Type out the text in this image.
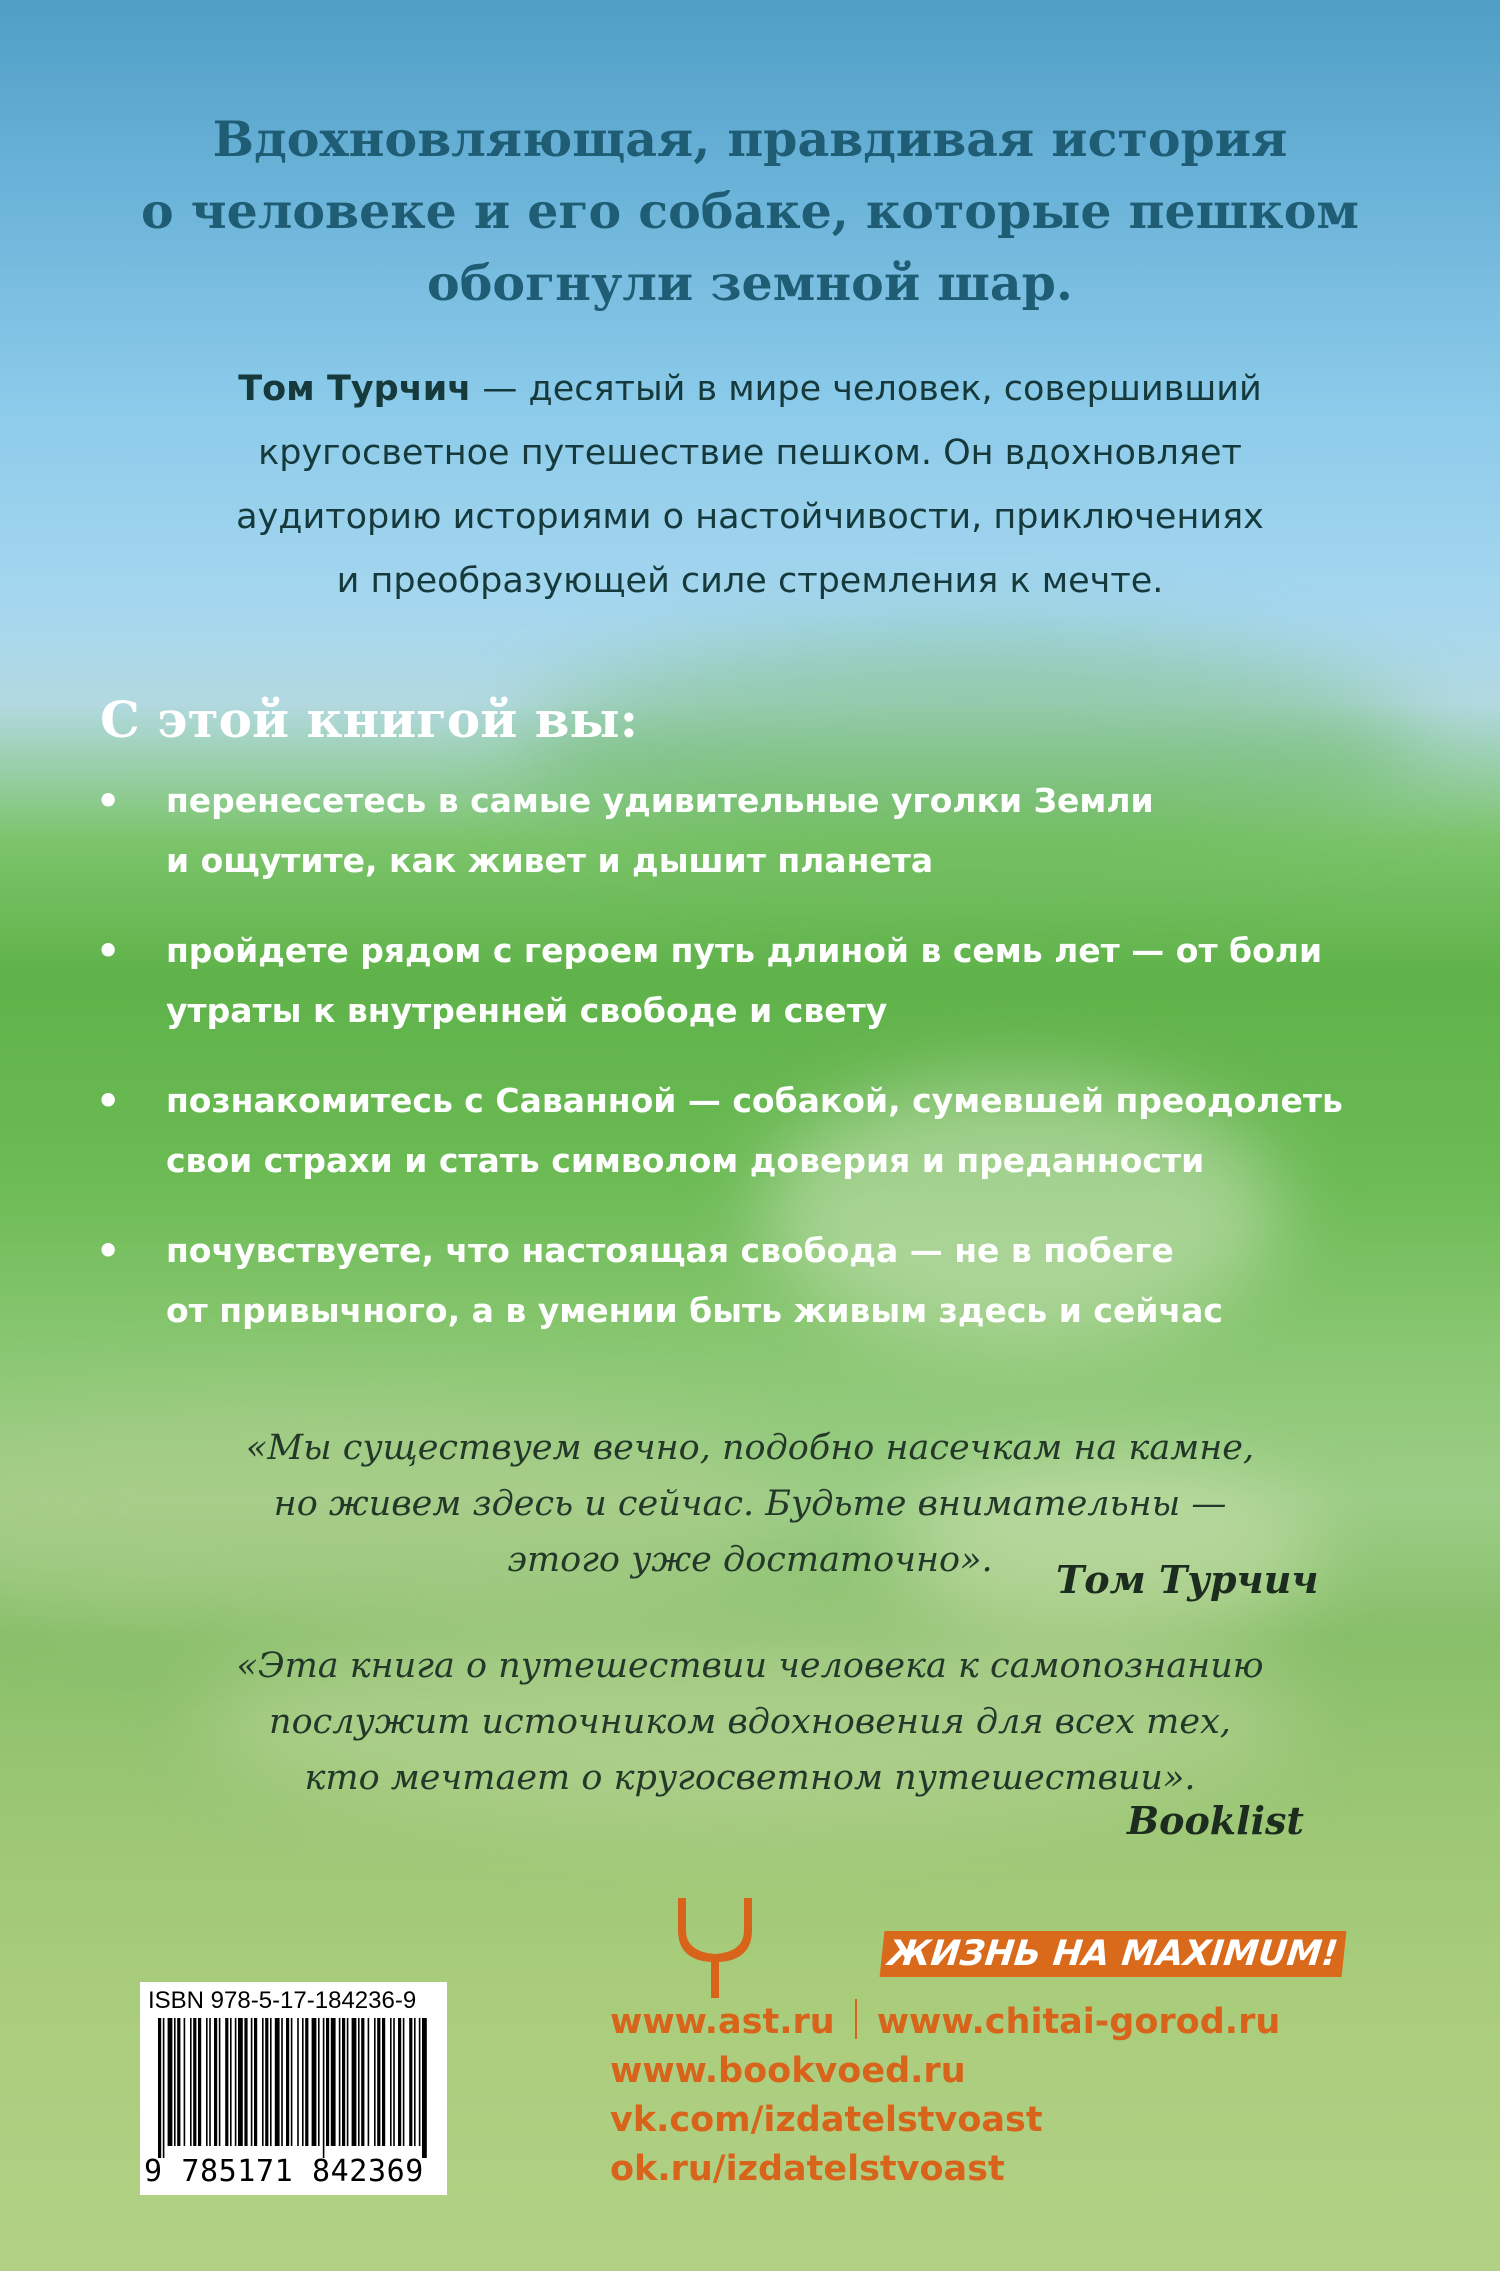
Вдохновляющая, правдивая история
о человеке и его собаке, которые пешком
обогнули земной шар.
Том Турчич — десятый в мире человек, совершивший
кругосветное путешествие пешком. Он вдохновляет
аудиторию историями о настойчивости, приключениях
и преобразующей силе стремления к мечте.
С этой книгой вы:
• перенесетесь в самые удивительные уголки Земли
и ощутите, как живет и дышит планета
• пройдете рядом с героем путь длиной в семь лет — от боли
утраты к внутренней свободе и свету
• познакомитесь с Саванной — собакой, сумевшей преодолеть
свои страхи и стать символом доверия и преданности
• почувствуете, что настоящая свобода — не в побеге
от привычного, а в умении быть живым здесь и сейчас
«Мы существуем вечно, подобно насечкам на камне,
но живем здесь и сейчас. Будьте внимательны —
этого уже достаточно».	Том Турчич
«Эта книга о путешествии человека к самопознанию
послужит источником вдохновения для всех тех,
кто мечтает о кругосветном путешествии».
Booklist
ЖИЗНЬ НА MAXIMUM!
www.ast.ru www.chitai-gorod.ru
www.bookvoed.ru
vk.com/izdatelstvoast
ok.ru/izdatelstvoast
ISBN 978-5-17-184236-9
9 785171 842369
